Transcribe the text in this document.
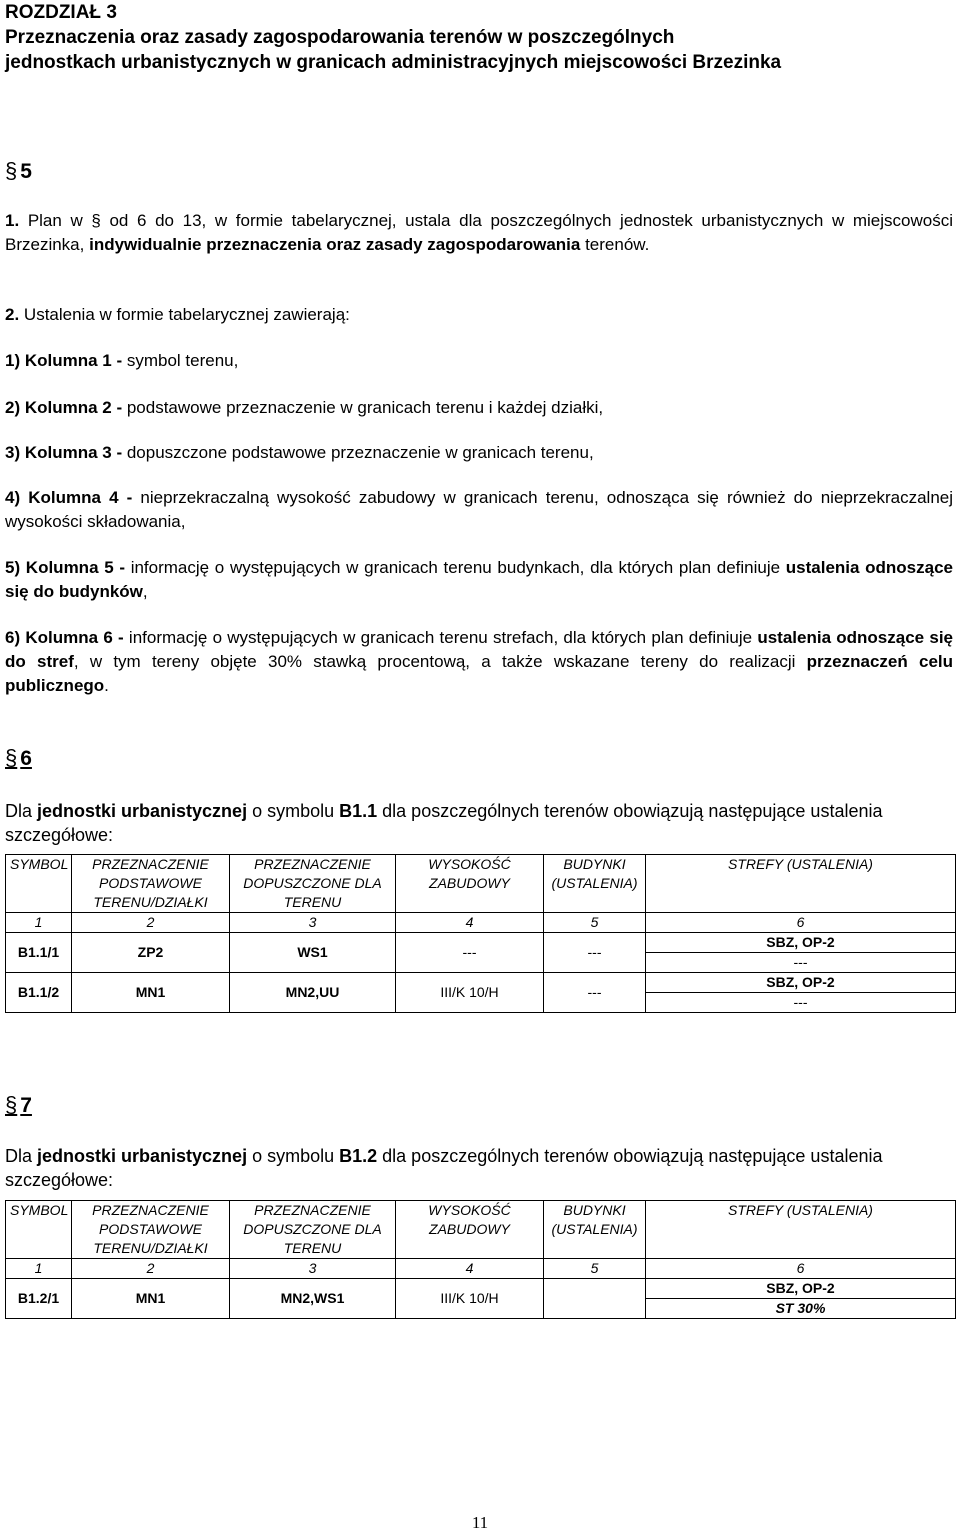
ROZDZIAŁ 3
Przeznaczenia oraz zasady zagospodarowania terenów w poszczególnych
jednostkach urbanistycznych w granicach administracyjnych miejscowości Brzezinka
§ 5
1. Plan w § od 6 do 13, w formie tabelarycznej, ustala dla poszczególnych jednostek urbanistycznych w miejscowości Brzezinka, indywidualnie przeznaczenia oraz zasady zagospodarowania terenów.
2. Ustalenia w formie tabelarycznej zawierają:
1) Kolumna 1 - symbol terenu,
2) Kolumna 2 - podstawowe przeznaczenie w granicach terenu i każdej działki,
3) Kolumna 3 - dopuszczone podstawowe przeznaczenie w granicach terenu,
4) Kolumna 4 - nieprzekraczalną wysokość zabudowy w granicach terenu, odnosząca się również do nieprzekraczalnej wysokości składowania,
5) Kolumna 5 - informację o występujących w granicach terenu budynkach, dla których plan definiuje ustalenia odnoszące się do budynków,
6) Kolumna 6 - informację o występujących w granicach terenu strefach, dla których plan definiuje ustalenia odnoszące się do stref, w tym tereny objęte 30% stawką procentową, a także wskazane tereny do realizacji przeznaczeń celu publicznego.
§ 6
Dla jednostki urbanistycznej o symbolu B1.1 dla poszczególnych terenów obowiązują następujące ustalenia szczegółowe:
SYMBOL	PRZEZNACZENIE PODSTAWOWE TERENU/DZIAŁKI	PRZEZNACZENIE DOPUSZCZONE DLA TERENU	WYSOKOŚĆ ZABUDOWY	BUDYNKI (USTALENIA)	STREFY (USTALENIA)
1	2	3	4	5	6
B1.1/1	ZP2	WS1	---	---	SBZ, OP-2
---

B1.1/2	MN1	MN2,UU	III/K 10/H	---	SBZ, OP-2
---
§ 7
Dla jednostki urbanistycznej o symbolu B1.2 dla poszczególnych terenów obowiązują następujące ustalenia szczegółowe:
SYMBOL	PRZEZNACZENIE PODSTAWOWE TERENU/DZIAŁKI	PRZEZNACZENIE DOPUSZCZONE DLA TERENU	WYSOKOŚĆ ZABUDOWY	BUDYNKI (USTALENIA)	STREFY (USTALENIA)
1	2	3	4	5	6
B1.2/1	MN1	MN2,WS1	III/K 10/H		SBZ, OP-2
ST 30%
11
